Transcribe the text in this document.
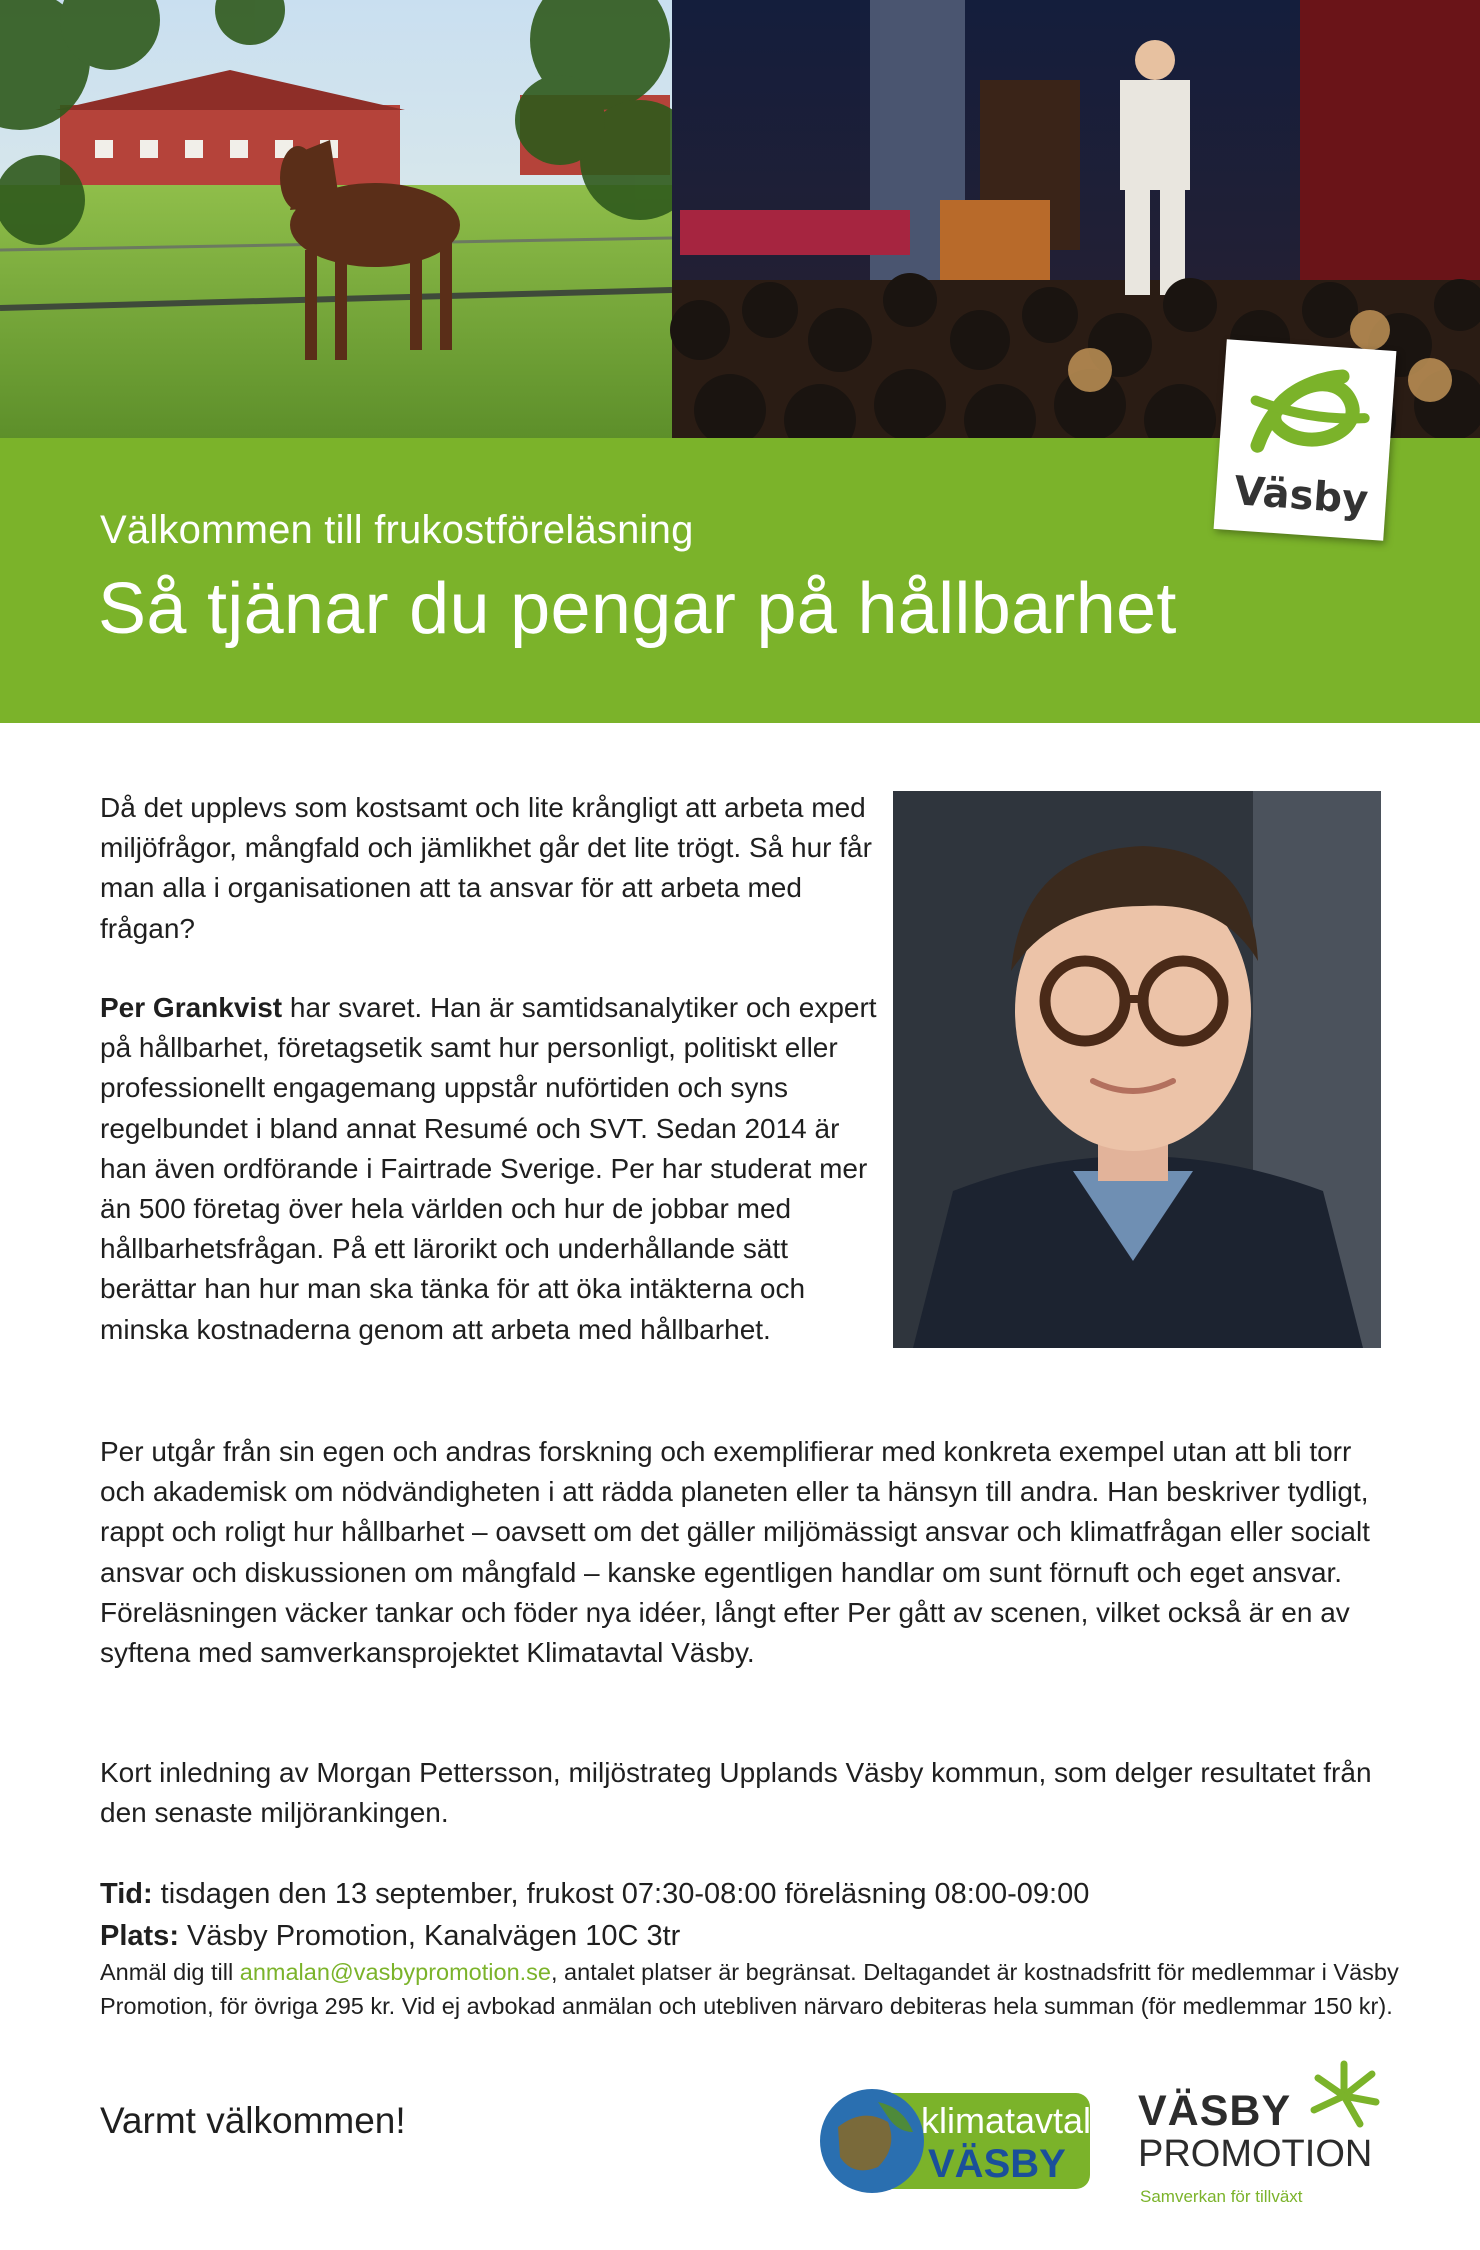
Välkommen till frukostföreläsning
Så tjänar du pengar på hållbarhet
Väsby
Då det upplevs som kostsamt och lite krångligt att arbeta med miljöfrågor, mångfald och jämlikhet går det lite trögt. Så hur får man alla i organisationen att ta ansvar för att arbeta med frågan?
Per Grankvist har svaret. Han är samtidsanalytiker och expert på hållbarhet, företagsetik samt hur personligt, politiskt eller professionellt engagemang uppstår nuförtiden och syns regelbundet i bland annat Resumé och SVT. Sedan 2014 är han även ordförande i Fairtrade Sverige. Per har studerat mer än 500 företag över hela världen och hur de jobbar med hållbarhetsfrågan. På ett lärorikt och underhållande sätt berättar han hur man ska tänka för att öka intäkterna och minska kostnaderna genom att arbeta med hållbarhet.
Per utgår från sin egen och andras forskning och exemplifierar med konkreta exempel utan att bli torr och akademisk om nödvändigheten i att rädda planeten eller ta hänsyn till andra. Han beskriver tydligt, rappt och roligt hur hållbarhet – oavsett om det gäller miljömässigt ansvar och klimatfrågan eller socialt ansvar och diskussionen om mångfald – kanske egentligen handlar om sunt förnuft och eget ansvar. Föreläsningen väcker tankar och föder nya idéer, långt efter Per gått av scenen, vilket också är en av syftena med samverkansprojektet Klimatavtal Väsby.
Kort inledning av Morgan Pettersson, miljöstrateg Upplands Väsby kommun, som delger resultatet från den senaste miljörankingen.
Tid: tisdagen den 13 september, frukost 07:30-08:00 föreläsning 08:00-09:00
Plats: Väsby Promotion, Kanalvägen 10C 3tr
Anmäl dig till anmalan@vasbypromotion.se, antalet platser är begränsat. Deltagandet är kostnadsfritt för medlemmar i Väsby Promotion, för övriga 295 kr. Vid ej avbokad anmälan och utebliven närvaro debiteras hela summan (för medlemmar 150 kr).
Varmt välkommen!	klimatavtal
VÄSBY
VÄSBY
PROMOTION
Samverkan för tillväxt
